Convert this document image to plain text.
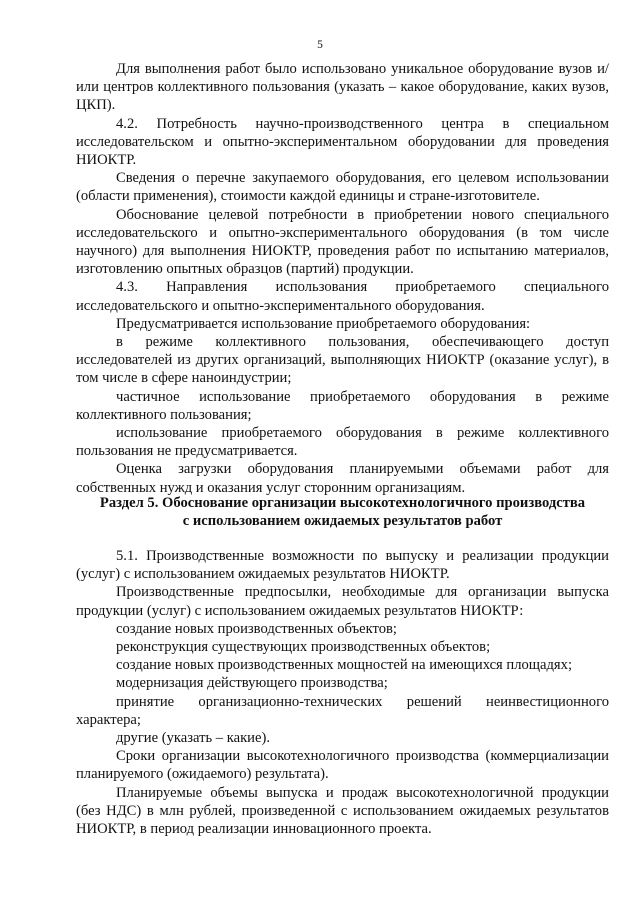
5

Для выполнения работ было использовано уникальное оборудование вузов и/или центров коллективного пользования (указать – какое оборудование, каких вузов, ЦКП).

4.2. Потребность научно-производственного центра в специальном исследовательском и опытно-экспериментальном оборудовании для проведения НИОКТР.

Сведения о перечне закупаемого оборудования, его целевом использовании (области применения), стоимости каждой единицы и стране-изготовителе.

Обоснование целевой потребности в приобретении нового специального исследовательского и опытно-экспериментального оборудования (в том числе научного) для выполнения НИОКТР, проведения работ по испытанию материалов, изготовлению опытных образцов (партий) продукции.

4.3. Направления использования приобретаемого специального исследовательского и опытно-экспериментального оборудования.

Предусматривается использование приобретаемого оборудования:

в режиме коллективного пользования, обеспечивающего доступ исследователей из других организаций, выполняющих НИОКТР (оказание услуг), в том числе в сфере наноиндустрии;

частичное использование приобретаемого оборудования в режиме коллективного пользования;

использование приобретаемого оборудования в режиме коллективного пользования не предусматривается.

Оценка загрузки оборудования планируемыми объемами работ для собственных нужд и оказания услуг сторонним организациям.

Раздел 5. Обоснование организации высокотехнологичного производства

с использованием ожидаемых результатов работ

5.1. Производственные возможности по выпуску и реализации продукции (услуг) с использованием ожидаемых результатов НИОКТР.

Производственные предпосылки, необходимые для организации выпуска продукции (услуг) с использованием ожидаемых результатов НИОКТР:

создание новых производственных объектов;

реконструкция существующих производственных объектов;

создание новых производственных мощностей на имеющихся площадях;

модернизация действующего производства;

принятие организационно-технических решений неинвестиционного характера;

другие (указать – какие).

Сроки организации высокотехнологичного производства (коммерциализации планируемого (ожидаемого) результата).

Планируемые объемы выпуска и продаж высокотехнологичной продукции (без НДС) в млн рублей, произведенной с использованием ожидаемых результатов НИОКТР, в период реализации инновационного проекта.
